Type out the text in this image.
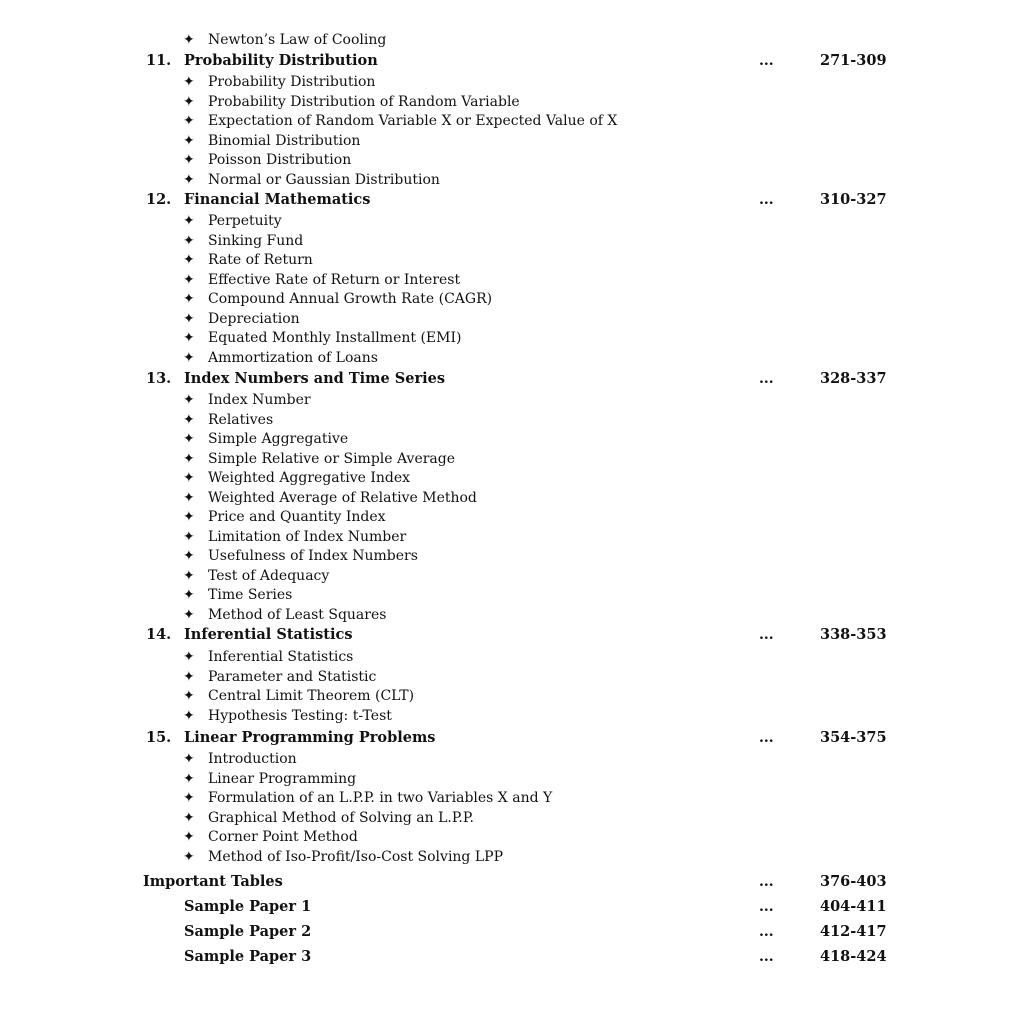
✦ Newton’s Law of Cooling
11. Probability Distribution	...	271-309
✦ Probability Distribution
✦ Probability Distribution of Random Variable
✦ Expectation of Random Variable X or Expected Value of X
✦ Binomial Distribution
✦ Poisson Distribution
✦ Normal or Gaussian Distribution
12. Financial Mathematics	...	310-327
✦ Perpetuity
✦ Sinking Fund
✦ Rate of Return
✦ Effective Rate of Return or Interest
✦ Compound Annual Growth Rate (CAGR)
✦ Depreciation
✦ Equated Monthly Installment (EMI)
✦ Ammortization of Loans
13. Index Numbers and Time Series	...	328-337
✦ Index Number
✦ Relatives
✦ Simple Aggregative
✦ Simple Relative or Simple Average
✦ Weighted Aggregative Index
✦ Weighted Average of Relative Method
✦ Price and Quantity Index
✦ Limitation of Index Number
✦ Usefulness of Index Numbers
✦ Test of Adequacy
✦ Time Series
✦ Method of Least Squares
14. Inferential Statistics	...	338-353
✦ Inferential Statistics
✦ Parameter and Statistic
✦ Central Limit Theorem (CLT)
✦ Hypothesis Testing: t-Test
15. Linear Programming Problems	...	354-375
✦ Introduction
✦ Linear Programming
✦ Formulation of an L.P.P. in two Variables X and Y
✦ Graphical Method of Solving an L.P.P.
✦ Corner Point Method
✦ Method of Iso-Profit/Iso-Cost Solving LPP
Important Tables	...	376-403
Sample Paper 1	...	404-411
Sample Paper 2	...	412-417
Sample Paper 3	...	418-424
